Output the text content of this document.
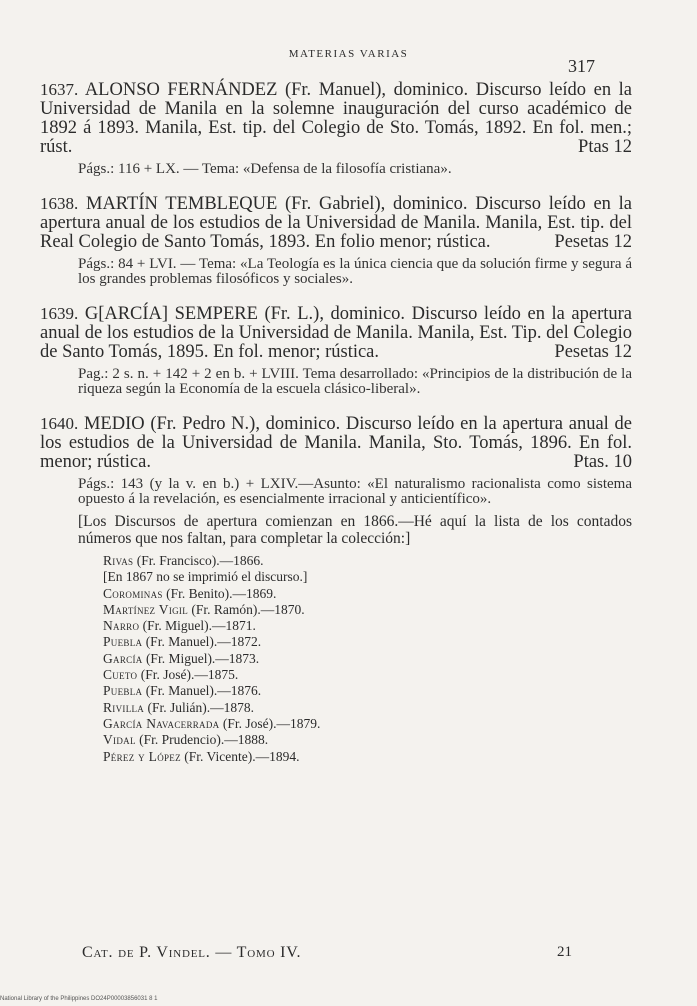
MATERIAS VARIAS
317
1637. ALONSO FERNÁNDEZ (Fr. Manuel), dominico. Discurso leído en la Universidad de Manila en la solemne inauguración del curso académico de 1892 á 1893. Manila, Est. tip. del Colegio de Sto. Tomás, 1892. En fol. men.; rúst.	Ptas 12
Págs.: 116 + LX. — Tema: «Defensa de la filosofía cristiana».
1638. MARTÍN TEMBLEQUE (Fr. Gabriel), dominico. Discurso leído en la apertura anual de los estudios de la Universidad de Manila. Manila, Est. tip. del Real Colegio de Santo Tomás, 1893. En folio menor; rústica.	Pesetas 12
Págs.: 84 + LVI. — Tema: «La Teología es la única ciencia que da solución firme y segura á los grandes problemas filosóficos y sociales».
1639. G[ARCÍA] SEMPERE (Fr. L.), dominico. Discurso leído en la apertura anual de los estudios de la Universidad de Manila. Manila, Est. Tip. del Colegio de Santo Tomás, 1895. En fol. menor; rústica.	Pesetas 12
Pag.: 2 s. n. + 142 + 2 en b. + LVIII. Tema desarrollado: «Principios de la distribución de la riqueza según la Economía de la escuela clásico-liberal».
1640. MEDIO (Fr. Pedro N.), dominico. Discurso leído en la apertura anual de los estudios de la Universidad de Manila. Manila, Sto. Tomás, 1896. En fol. menor; rústica.	Ptas. 10
Págs.: 143 (y la v. en b.) + LXIV.—Asunto: «El naturalismo racionalista como sistema opuesto á la revelación, es esencialmente irracional y anticientífico».
[Los Discursos de apertura comienzan en 1866.—Hé aquí la lista de los contados números que nos faltan, para completar la colección:]
Rivas (Fr. Francisco).—1866.
[En 1867 no se imprimió el discurso.]
Corominas (Fr. Benito).—1869.
Martínez Vigil (Fr. Ramón).—1870.
Narro (Fr. Miguel).—1871.
Puebla (Fr. Manuel).—1872.
García (Fr. Miguel).—1873.
Cueto (Fr. José).—1875.
Puebla (Fr. Manuel).—1876.
Rivilla (Fr. Julián).—1878.
García Navacerrada (Fr. José).—1879.
Vidal (Fr. Prudencio).—1888.
Pérez y López (Fr. Vicente).—1894.
Cat. de P. Vindel. — Tomo IV.	21
National Library of the Philippines DO24P00003856031 8 1
